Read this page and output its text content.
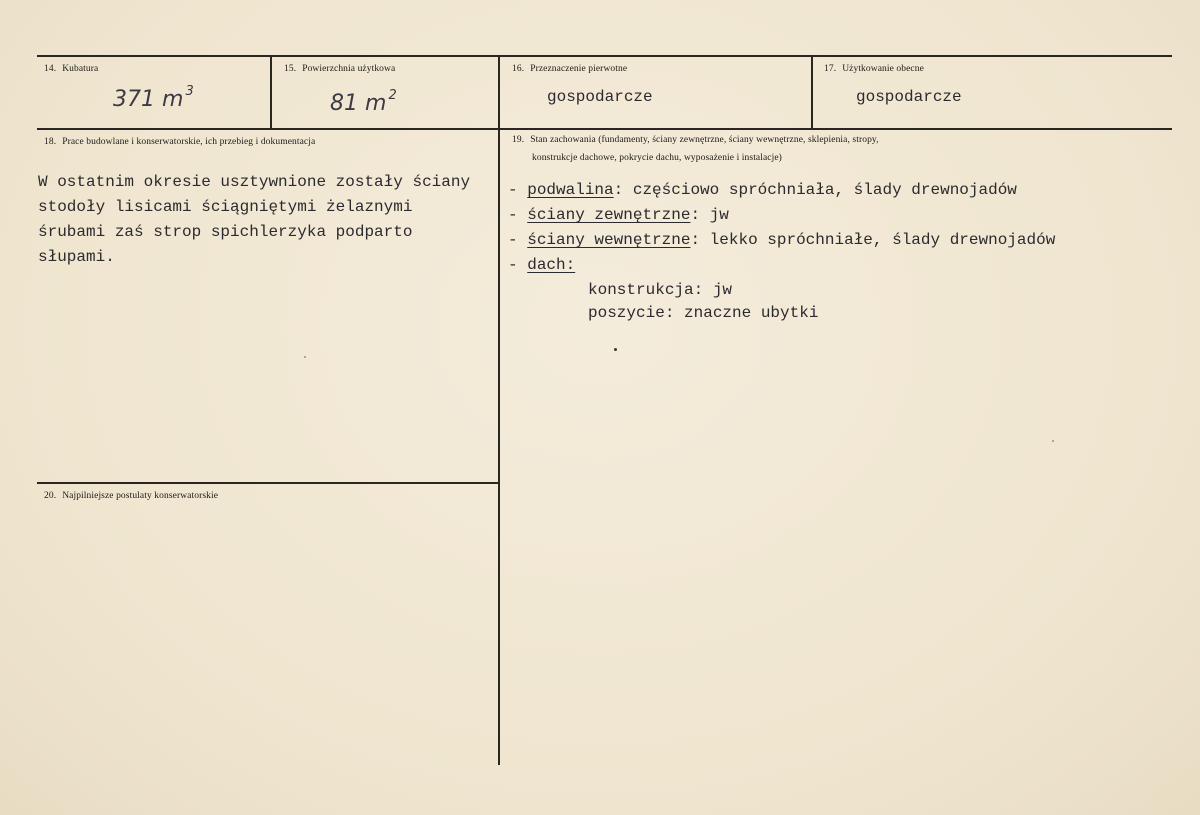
14. Kubatura
371 m $^3$
15. Powierzchnia użytkowa
81 m $^2$
16. Przeznaczenie pierwotne
gospodarcze
17. Użytkowanie obecne
gospodarcze
18. Prace budowlane i konserwatorskie, ich przebieg i dokumentacja
W ostatnim okresie usztywnione zostały ściany
stodoły lisicami ściągniętymi żelaznymi
śrubami zaś strop spichlerzyka podparto
słupami.
19. Stan zachowania (fundamenty, ściany zewnętrzne, ściany wewnętrzne, sklepienia, stropy,
konstrukcje dachowe, pokrycie dachu, wyposażenie i instalacje)
- podwalina: częściowo spróchniała, ślady drewnojadów
- ściany zewnętrzne: jw
- ściany wewnętrzne: lekko spróchniałe, ślady drewnojadów
- dach:
konstrukcja: jw
poszycie: znaczne ubytki
20. Najpilniejsze postulaty konserwatorskie
